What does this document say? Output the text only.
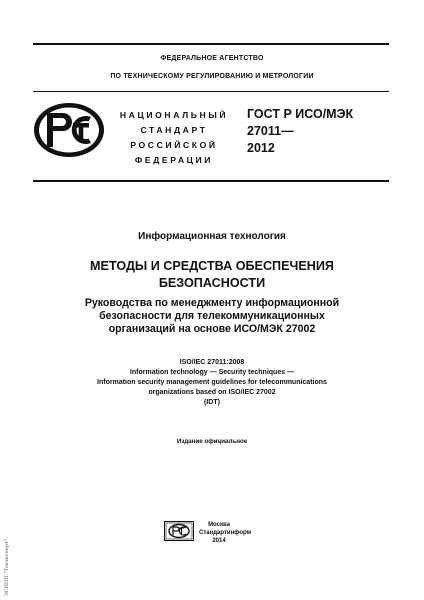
ФЕДЕРАЛЬНОЕ АГЕНТСТВО
ПО ТЕХНИЧЕСКОМУ РЕГУЛИРОВАНИЮ И МЕТРОЛОГИИ
НАЦИОНАЛЬНЫЙ
СТАНДАРТ
РОССИЙСКОЙ
ФЕДЕРАЦИИ
ГОСТ Р ИСО/МЭК
27011—
2012
Информационная технология
МЕТОДЫ И СРЕДСТВА ОБЕСПЕЧЕНИЯ
БЕЗОПАСНОСТИ
Руководства по менеджменту информационной
безопасности для телекоммуникационных
организаций на основе ИСО/МЭК 27002
ISO/IEC 27011:2008
Information technology — Security techniques —
Information security management guidelines for telecommunications
organizations based on ISO/IEC 27002
(IDT)
Издание официальное
Москва
Стандартинформ
2014
ЭСНПП "Техэксперт"
